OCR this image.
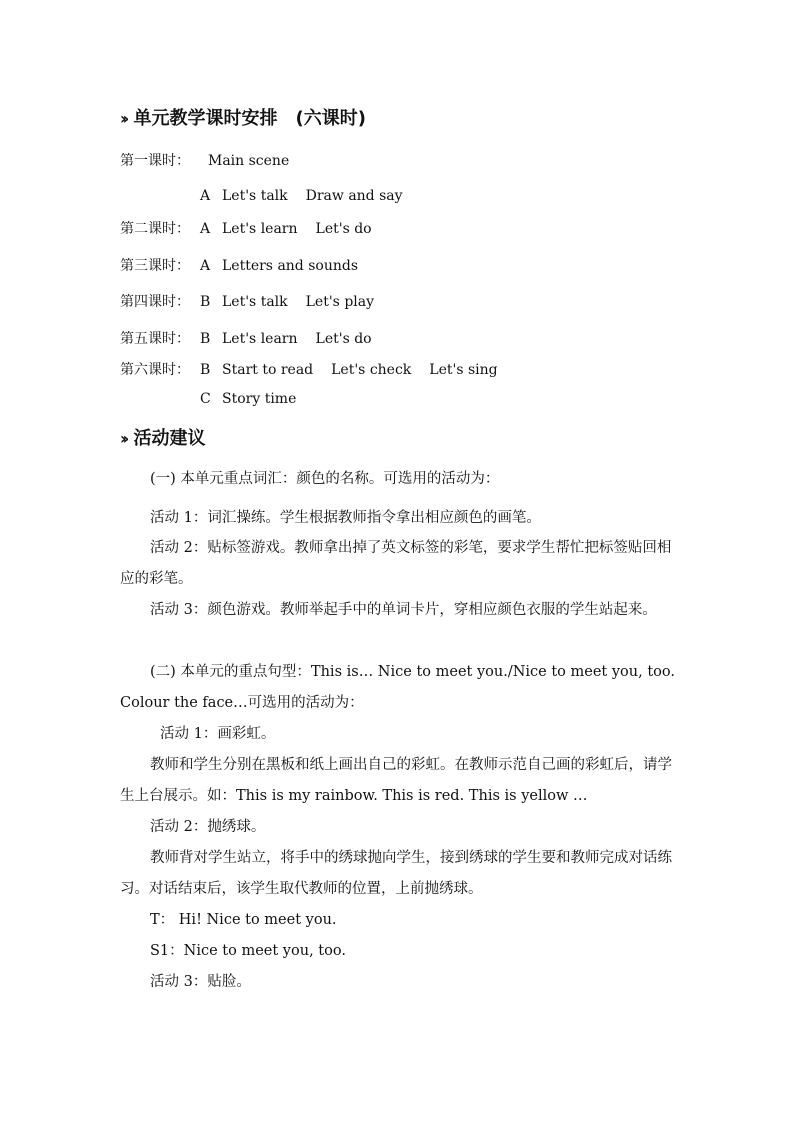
›› 单元教学课时安排　(六课时)
第一课时： Main scene
A Let's talk Draw and say
第二课时： A Let's learn Let's do
第三课时： A Letters and sounds
第四课时： B Let's talk Let's play
第五课时： B Let's learn Let's do
第六课时： B Start to read Let's check Let's sing
C Story time
›› 活动建议
(一) 本单元重点词汇：颜色的名称。可选用的活动为：
活动 1：词汇操练。学生根据教师指令拿出相应颜色的画笔。
活动 2：贴标签游戏。教师拿出掉了英文标签的彩笔，要求学生帮忙把标签贴回相应的彩笔。
活动 3：颜色游戏。教师举起手中的单词卡片，穿相应颜色衣服的学生站起来。
(二) 本单元的重点句型：This is… Nice to meet you./Nice to meet you, too. Colour the face…可选用的活动为：
活动 1：画彩虹。
教师和学生分别在黑板和纸上画出自己的彩虹。在教师示范自己画的彩虹后，请学生上台展示。如：This is my rainbow. This is red. This is yellow …
活动 2：抛绣球。
教师背对学生站立，将手中的绣球抛向学生，接到绣球的学生要和教师完成对话练习。对话结束后，该学生取代教师的位置，上前抛绣球。
T： Hi! Nice to meet you.
S1：Nice to meet you, too.
活动 3：贴脸。
